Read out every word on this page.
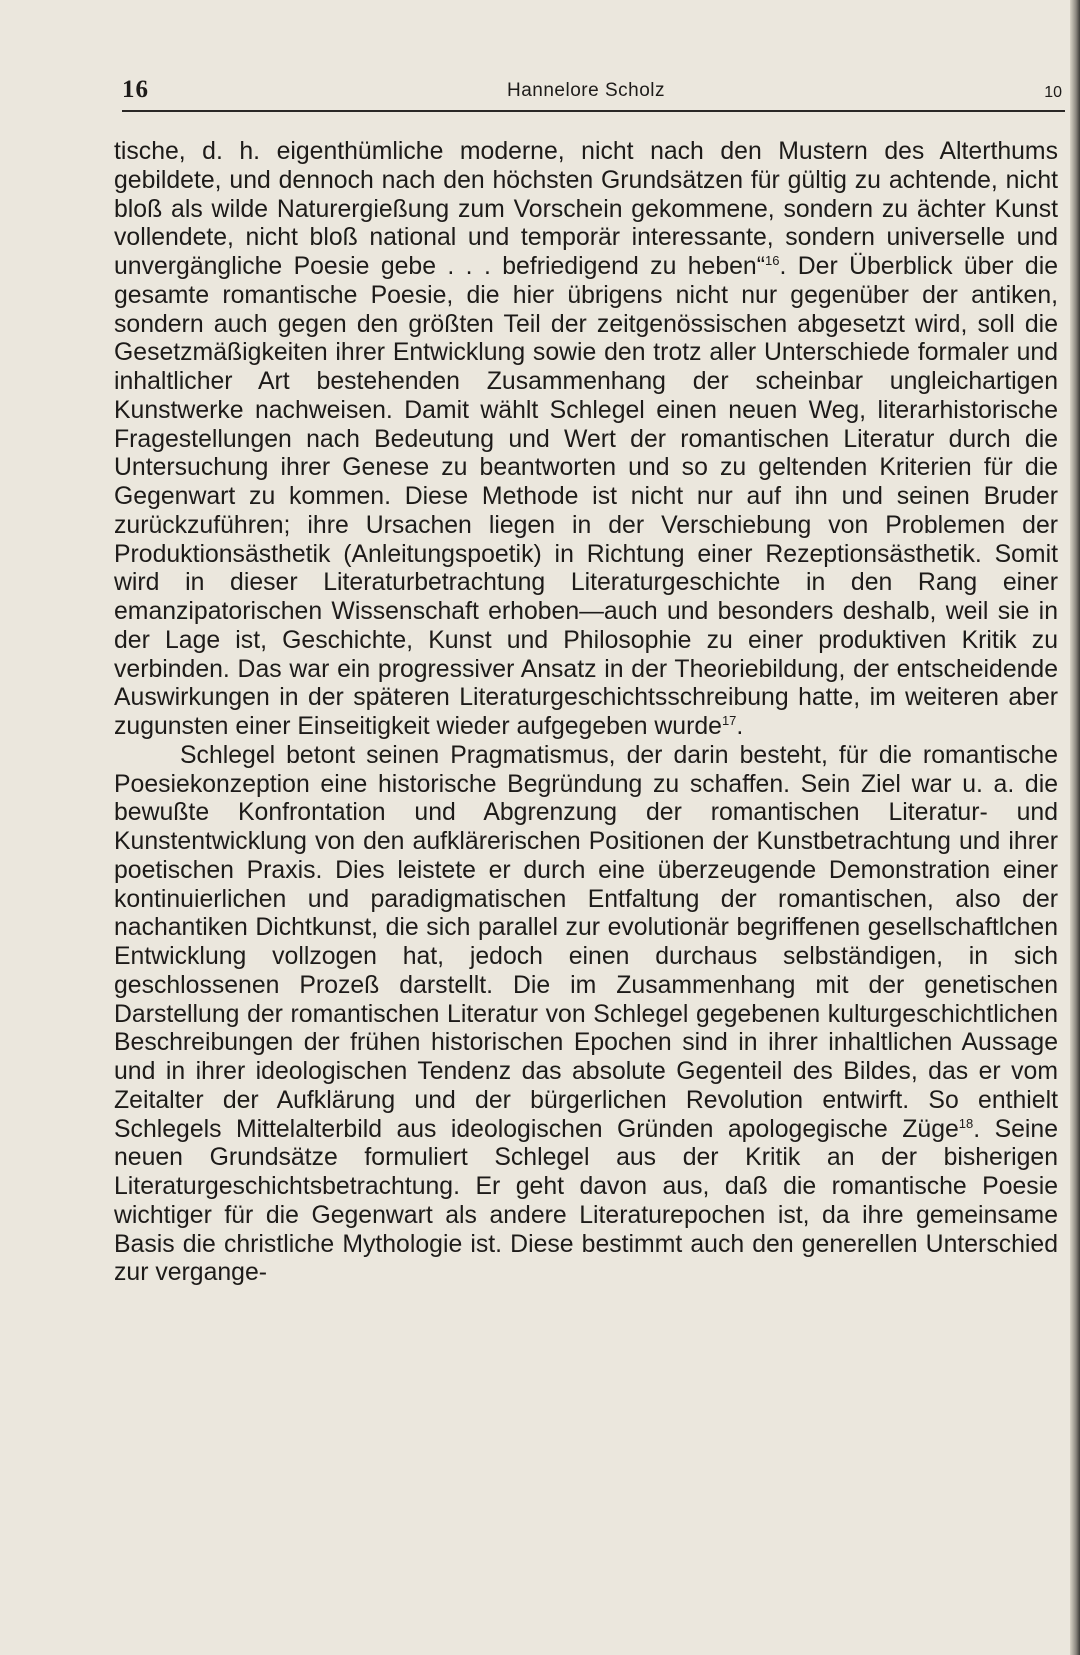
16	Hannelore Scholz	10

tische, d. h. eigenthümliche moderne, nicht nach den Mustern des Alterthums gebildete, und dennoch nach den höchsten Grundsätzen für gültig zu achtende, nicht bloß als wilde Naturergießung zum Vorschein gekommene, sondern zu ächter Kunst vollendete, nicht bloß national und temporär interessante, sondern universelle und unvergängliche Poesie gebe . . . befriedigend zu heben“$^{16}$. Der Überblick über die gesamte romantische Poesie, die hier übrigens nicht nur gegenüber der antiken, sondern auch gegen den größten Teil der zeitgenössischen abgesetzt wird, soll die Gesetzmäßigkeiten ihrer Entwicklung sowie den trotz aller Unterschiede formaler und inhaltlicher Art bestehenden Zusammenhang der scheinbar ungleichartigen Kunstwerke nachweisen. Damit wählt Schlegel einen neuen Weg, literarhistorische Fragestellungen nach Bedeutung und Wert der romantischen Literatur durch die Untersuchung ihrer Genese zu beantworten und so zu geltenden Kriterien für die Gegenwart zu kommen. Diese Methode ist nicht nur auf ihn und seinen Bruder zurückzuführen; ihre Ursachen liegen in der Verschiebung von Problemen der Produktionsästhetik (Anleitungspoetik) in Richtung einer Rezeptionsästhetik. Somit wird in dieser Literaturbetrachtung Literaturgeschichte in den Rang einer emanzipatorischen Wissenschaft erhoben—auch und besonders deshalb, weil sie in der Lage ist, Geschichte, Kunst und Philosophie zu einer produktiven Kritik zu verbinden. Das war ein progressiver Ansatz in der Theoriebildung, der entscheidende Auswirkungen in der späteren Literaturgeschichtsschreibung hatte, im weiteren aber zugunsten einer Einseitigkeit wieder aufgegeben wurde$^{17}$.

Schlegel betont seinen Pragmatismus, der darin besteht, für die romantische Poesiekonzeption eine historische Begründung zu schaffen. Sein Ziel war u. a. die bewußte Konfrontation und Abgrenzung der romantischen Literatur- und Kunstentwicklung von den aufklärerischen Positionen der Kunstbetrachtung und ihrer poetischen Praxis. Dies leistete er durch eine überzeugende Demonstration einer kontinuierlichen und paradigmatischen Entfaltung der romantischen, also der nachantiken Dichtkunst, die sich parallel zur evolutionär begriffenen gesellschaftlchen Entwicklung vollzogen hat, jedoch einen durchaus selbständigen, in sich geschlossenen Prozeß darstellt. Die im Zusammenhang mit der genetischen Darstellung der romantischen Literatur von Schlegel gegebenen kulturgeschichtlichen Beschreibungen der frühen historischen Epochen sind in ihrer inhaltlichen Aussage und in ihrer ideologischen Tendenz das absolute Gegenteil des Bildes, das er vom Zeitalter der Aufklärung und der bürgerlichen Revolution entwirft. So enthielt Schlegels Mittelalterbild aus ideologischen Gründen apologegische Züge$^{18}$. Seine neuen Grundsätze formuliert Schlegel aus der Kritik an der bisherigen Literaturgeschichtsbetrachtung. Er geht davon aus, daß die romantische Poesie wichtiger für die Gegenwart als andere Literaturepochen ist, da ihre gemeinsame Basis die christliche Mythologie ist. Diese bestimmt auch den generellen Unterschied zur vergange-
